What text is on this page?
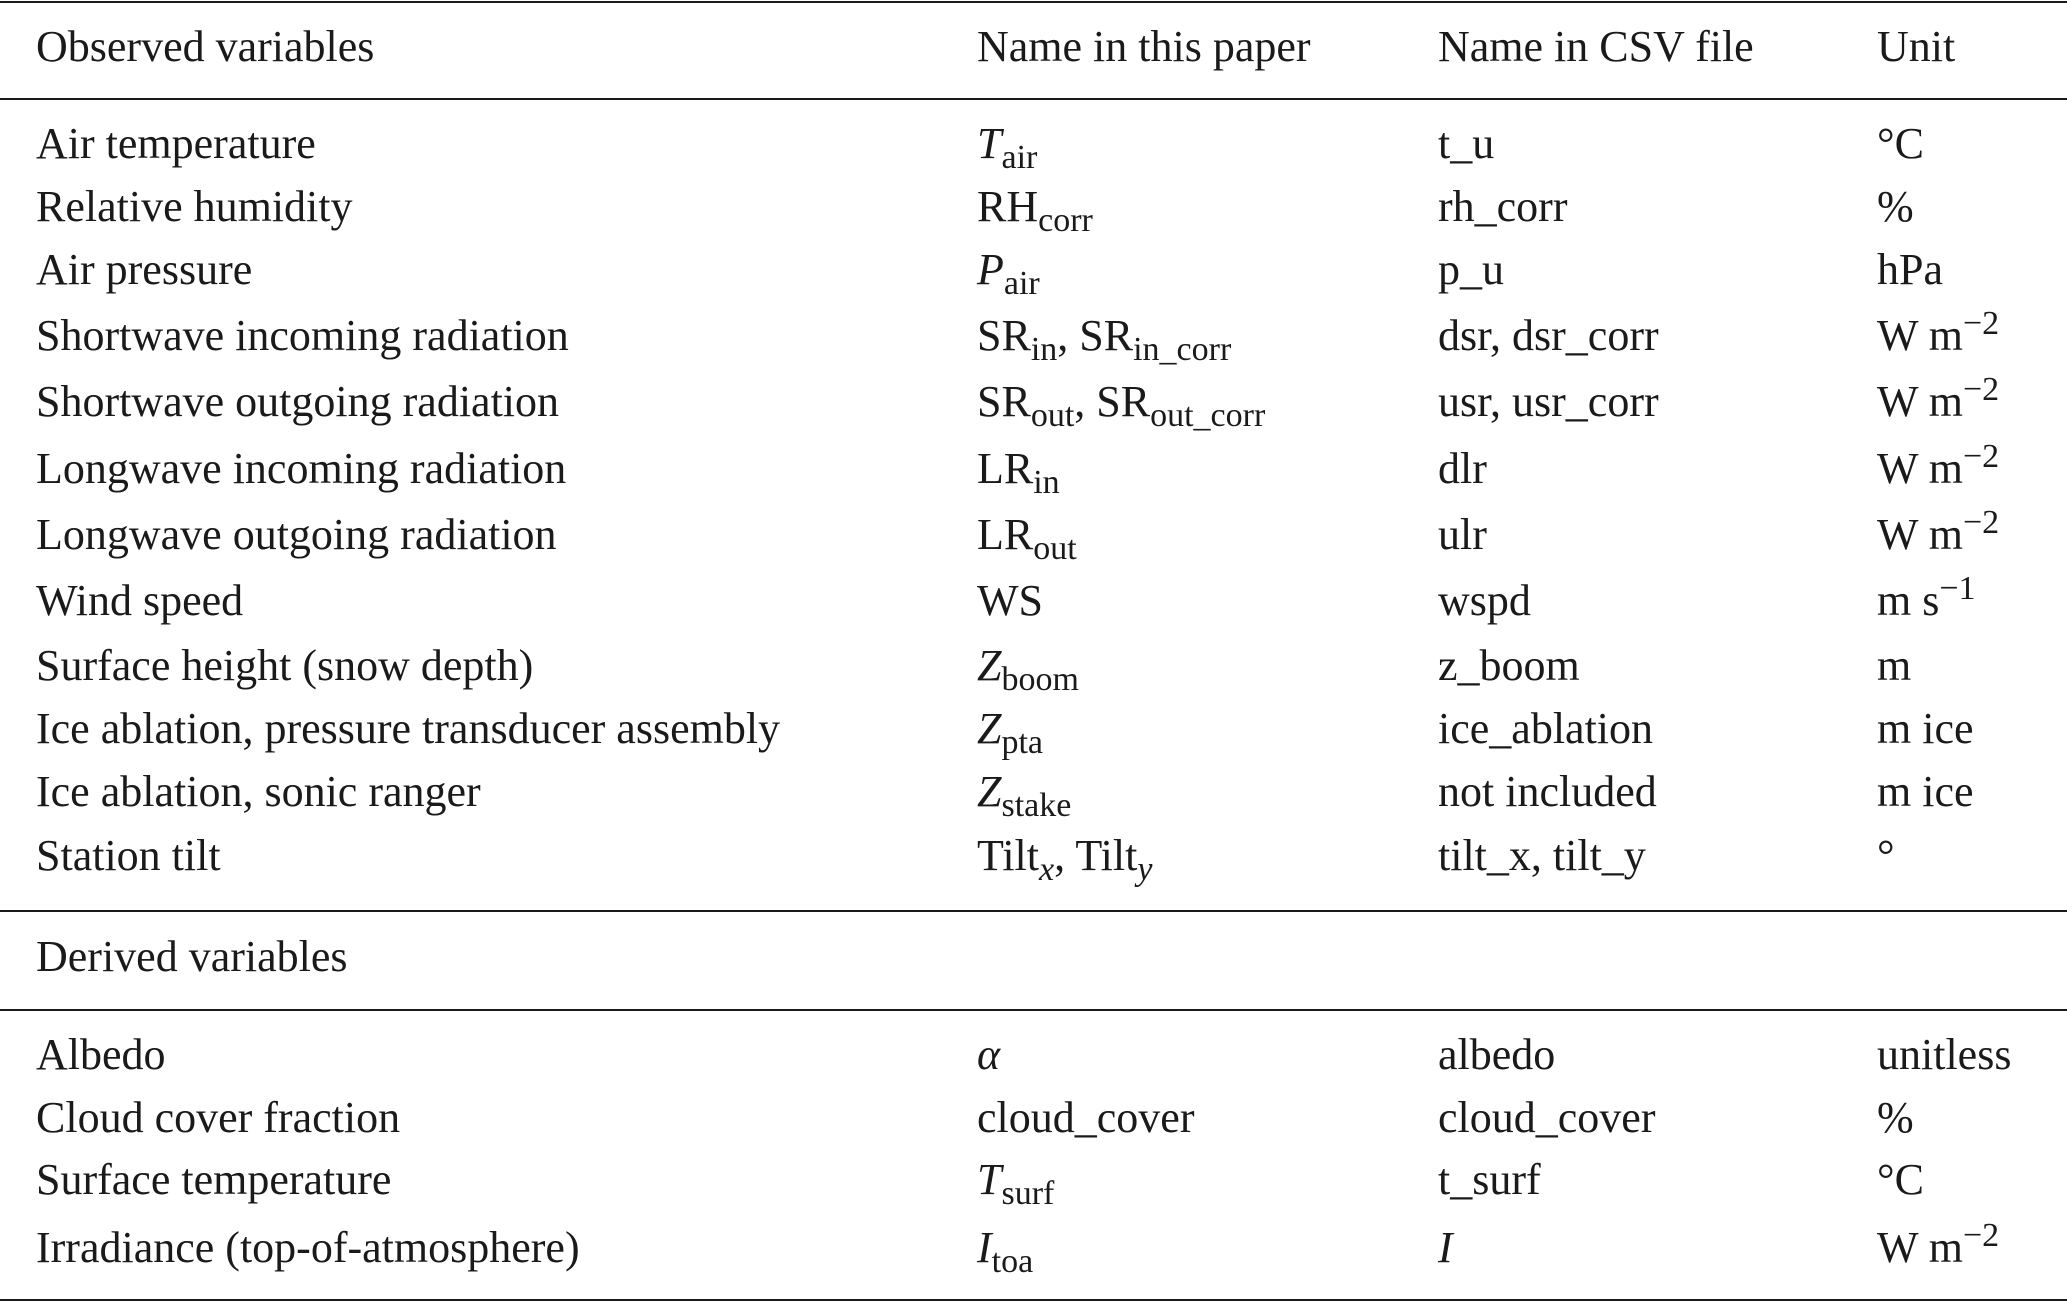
Observed variables	Name in this paper	Name in CSV file	Unit
Air temperature	$T_{air}$	t_u	°C
Relative humidity	$RH_{corr}$	rh_corr	%
Air pressure	$P_{air}$	p_u	hPa
Shortwave incoming radiation	$SR_{in}$, $SR_{in\_corr}$	dsr, dsr_corr	W $m^{-2}$
Shortwave outgoing radiation	$SR_{out}$, $SR_{out\_corr}$	usr, usr_corr	W $m^{-2}$
Longwave incoming radiation	$LR_{in}$	dlr	W $m^{-2}$
Longwave outgoing radiation	$LR_{out}$	ulr	W $m^{-2}$
Wind speed	WS	wspd	m $s^{-1}$
Surface height (snow depth)	$Z_{boom}$	z_boom	m
Ice ablation, pressure transducer assembly	$Z_{pta}$	ice_ablation	m ice
Ice ablation, sonic ranger	$Z_{stake}$	not included	m ice
Station tilt	Tilt$_x$, Tilt$_y$	tilt_x, tilt_y	°
Derived variables
Albedo	α	albedo	unitless
Cloud cover fraction	cloud_cover	cloud_cover	%
Surface temperature	$T_{surf}$	t_surf	°C
Irradiance (top-of-atmosphere)	$I_{toa}$	I	W $m^{-2}$
